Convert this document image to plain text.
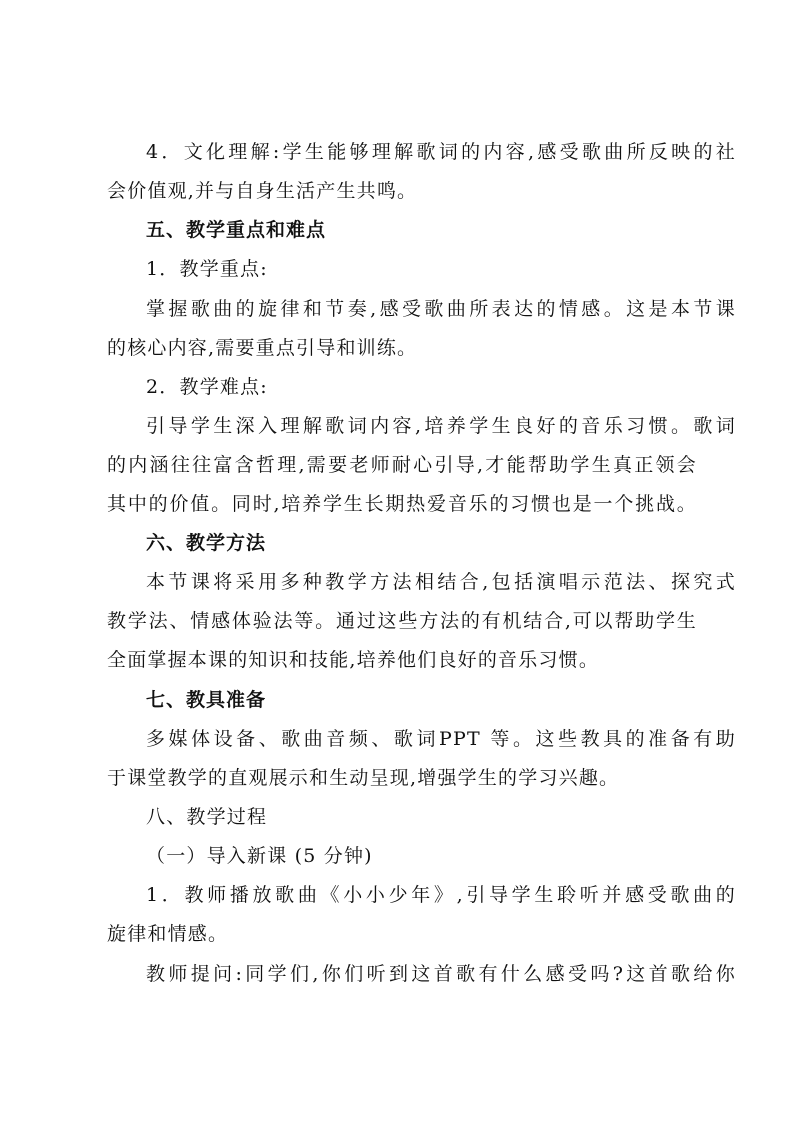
4．文化理解:学生能够理解歌词的内容,感受歌曲所反映的社
会价值观,并与自身生活产生共鸣。
五、教学重点和难点
1．教学重点:
掌握歌曲的旋律和节奏,感受歌曲所表达的情感。这是本节课
的核心内容,需要重点引导和训练。
2．教学难点:
引导学生深入理解歌词内容,培养学生良好的音乐习惯。歌词
的内涵往往富含哲理,需要老师耐心引导,才能帮助学生真正领会
其中的价值。同时,培养学生长期热爱音乐的习惯也是一个挑战。
六、教学方法
本节课将采用多种教学方法相结合,包括演唱示范法、探究式
教学法、情感体验法等。通过这些方法的有机结合,可以帮助学生
全面掌握本课的知识和技能,培养他们良好的音乐习惯。
七、教具准备
多媒体设备、歌曲音频、歌词PPT 等。这些教具的准备有助
于课堂教学的直观展示和生动呈现,增强学生的学习兴趣。
八、教学过程
（一）导入新课 (5 分钟)
1．教师播放歌曲《小小少年》,引导学生聆听并感受歌曲的
旋律和情感。
教师提问:同学们,你们听到这首歌有什么感受吗?这首歌给你
